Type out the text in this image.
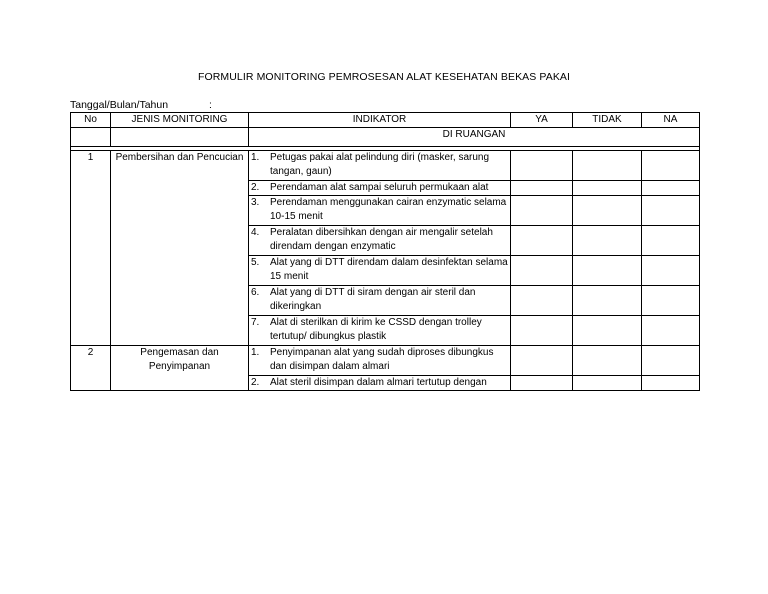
FORMULIR MONITORING PEMROSESAN ALAT KESEHATAN BEKAS PAKAI
Tanggal/Bulan/Tahun	:
No	JENIS MONITORING	INDIKATOR	YA	TIDAK	NA
		DI RUANGAN			

1	Pembersihan dan Pencucian	1. Petugas pakai alat pelindung diri (masker, sarung tangan, gaun)			
		2. Perendaman alat sampai seluruh permukaan alat			
		3. Perendaman menggunakan cairan enzymatic selama 10-15 menit			
		4. Peralatan dibersihkan dengan air mengalir setelah direndam dengan enzymatic			
		5. Alat yang di DTT direndam dalam desinfektan selama 15 menit			
		6. Alat yang di DTT di siram dengan air steril dan dikeringkan			
		7. Alat di sterilkan di kirim ke CSSD dengan trolley tertutup/ dibungkus plastik			
2	Pengemasan dan Penyimpanan	1. Penyimpanan alat yang sudah diproses dibungkus dan disimpan dalam almari			
		2. Alat steril disimpan dalam almari tertutup dengan			
